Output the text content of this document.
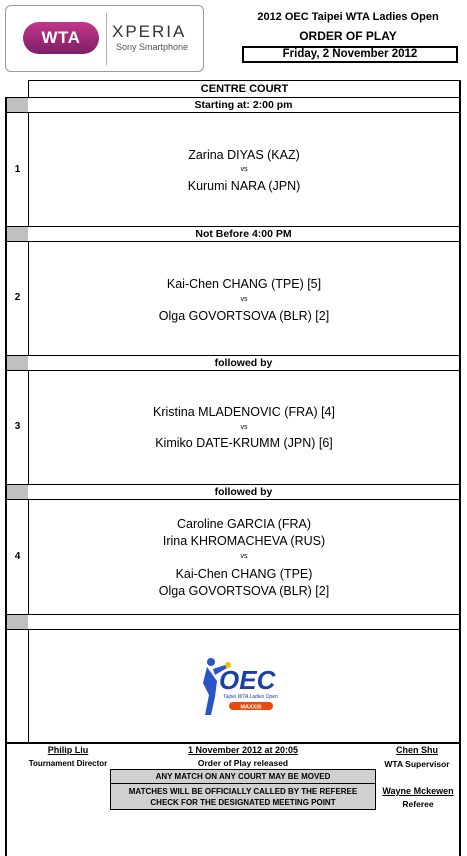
WTA	XPERIA
Sony Smartphone
2012 OEC Taipei WTA Ladies Open
ORDER OF PLAY
Friday, 2 November 2012
CENTRE COURT
Starting at: 2:00 pm
1
Zarina DIYAS (KAZ)
vs
Kurumi NARA (JPN)
Not Before 4:00 PM
2
Kai-Chen CHANG (TPE) [5]
vs
Olga GOVORTSOVA (BLR) [2]
followed by
3
Kristina MLADENOVIC (FRA) [4]
vs
Kimiko DATE-KRUMM (JPN) [6]
followed by
4
Caroline GARCIA (FRA)
Irina KHROMACHEVA (RUS)
vs
Kai-Chen CHANG (TPE)
Olga GOVORTSOVA (BLR) [2]
OEC
Taipei WTA Ladies Open
MAXXIS
Philip Liu
Tournament Director
1 November 2012 at 20:05
Order of Play released
Chen Shu
WTA Supervisor
ANY MATCH ON ANY COURT MAY BE MOVED
MATCHES WILL BE OFFICIALLY CALLED BY THE REFEREE
CHECK FOR THE DESIGNATED MEETING POINT
Wayne Mckewen
Referee
